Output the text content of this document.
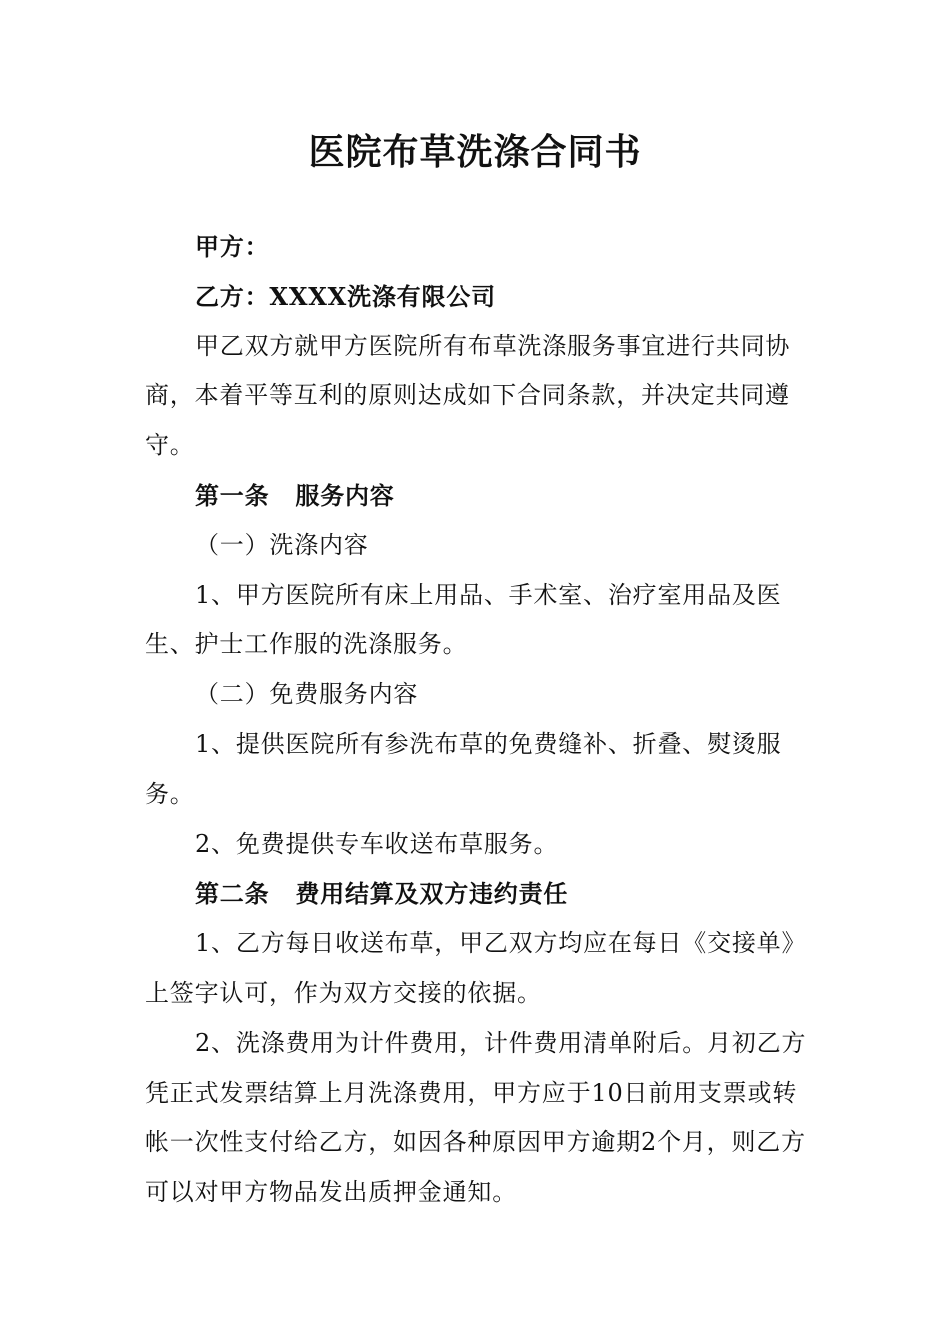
医院布草洗涤合同书

甲方：

乙方：XXXX洗涤有限公司

甲乙双方就甲方医院所有布草洗涤服务事宜进行共同协商，本着平等互利的原则达成如下合同条款，并决定共同遵守。

第一条 服务内容

（一）洗涤内容

1、甲方医院所有床上用品、手术室、治疗室用品及医生、护士工作服的洗涤服务。

（二）免费服务内容

1、提供医院所有参洗布草的免费缝补、折叠、熨烫服务。

2、免费提供专车收送布草服务。

第二条 费用结算及双方违约责任

1、乙方每日收送布草，甲乙双方均应在每日《交接单》上签字认可，作为双方交接的依据。

2、洗涤费用为计件费用，计件费用清单附后。月初乙方凭正式发票结算上月洗涤费用，甲方应于10日前用支票或转帐一次性支付给乙方，如因各种原因甲方逾期2个月，则乙方可以对甲方物品发出质押金通知。
